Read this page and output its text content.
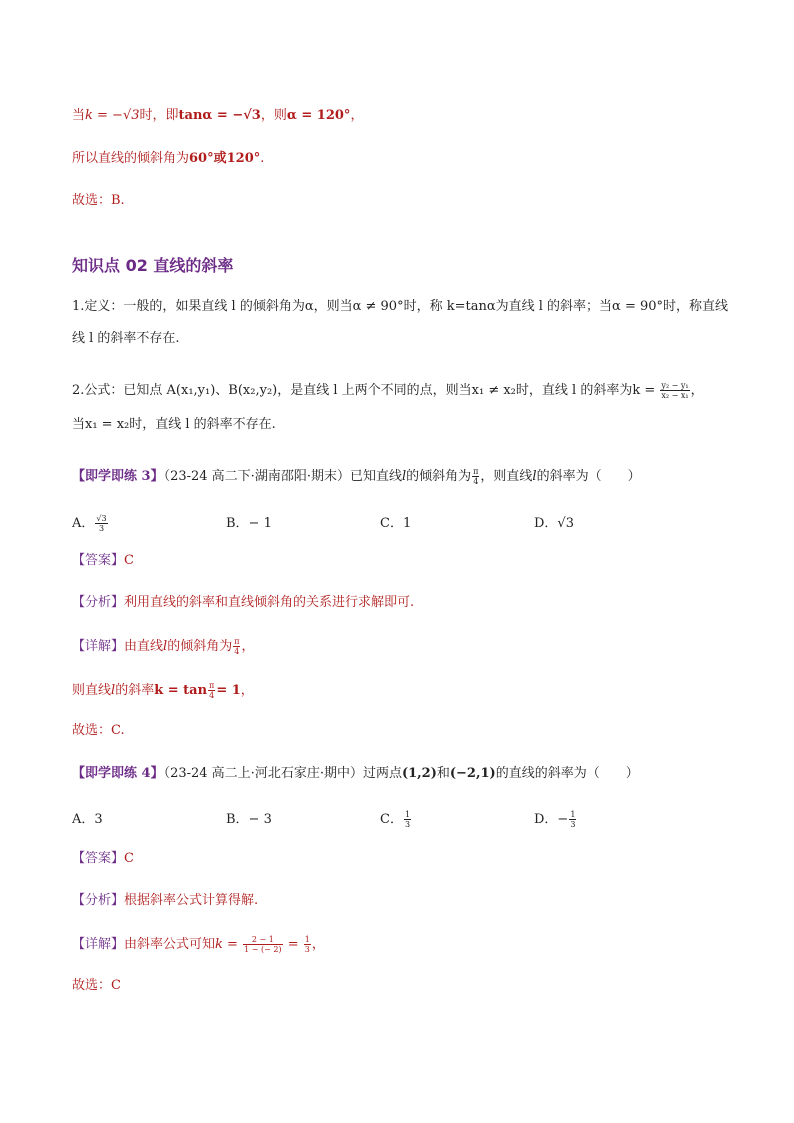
当k = −√3时，即tanα = −√3，则α = 120°，
所以直线的倾斜角为60°或120°.
故选：B.
知识点 02 直线的斜率
1.定义：一般的，如果直线 l 的倾斜角为α，则当α ≠ 90°时，称 k=tanα为直线 l 的斜率；当α = 90°时，称直线
线 l 的斜率不存在.
2.公式：已知点 A(x₁,y₁)、B(x₂,y₂)，是直线 l 上两个不同的点，则当x₁ ≠ x₂时，直线 l 的斜率为$k = \frac{\text{y₂ − y₁}}{\text{x₂ − x₁}}$ ，
当x₁ = x₂时，直线 l 的斜率不存在.
【即学即练 3】（23-24 高二下·湖南邵阳·期末）已知直线l的倾斜角为 $\frac{\pi}{4}$ ，则直线l的斜率为（　　）
A． $\frac{√3}{3}$	B．− 1	C．1	D．√3
【答案】C
【分析】利用直线的斜率和直线倾斜角的关系进行求解即可.
【详解】由直线l的倾斜角为 $\frac{\pi}{4}$ ，
则直线l的斜率$k = \tan \frac{\pi}{4} = 1$，
故选：C.
【即学即练 4】（23-24 高二上·河北石家庄·期中）过两点(1,2)和(−2,1)的直线的斜率为（　　）
A．3	B．− 3	C． $\frac{1}{3}$	D．− $\frac{1}{3}$
【答案】C
【分析】根据斜率公式计算得解.
【详解】由斜率公式可知$k = \frac{2 - 1}{1 - (- 2)} = \frac{1}{3}$ ，
故选：C
